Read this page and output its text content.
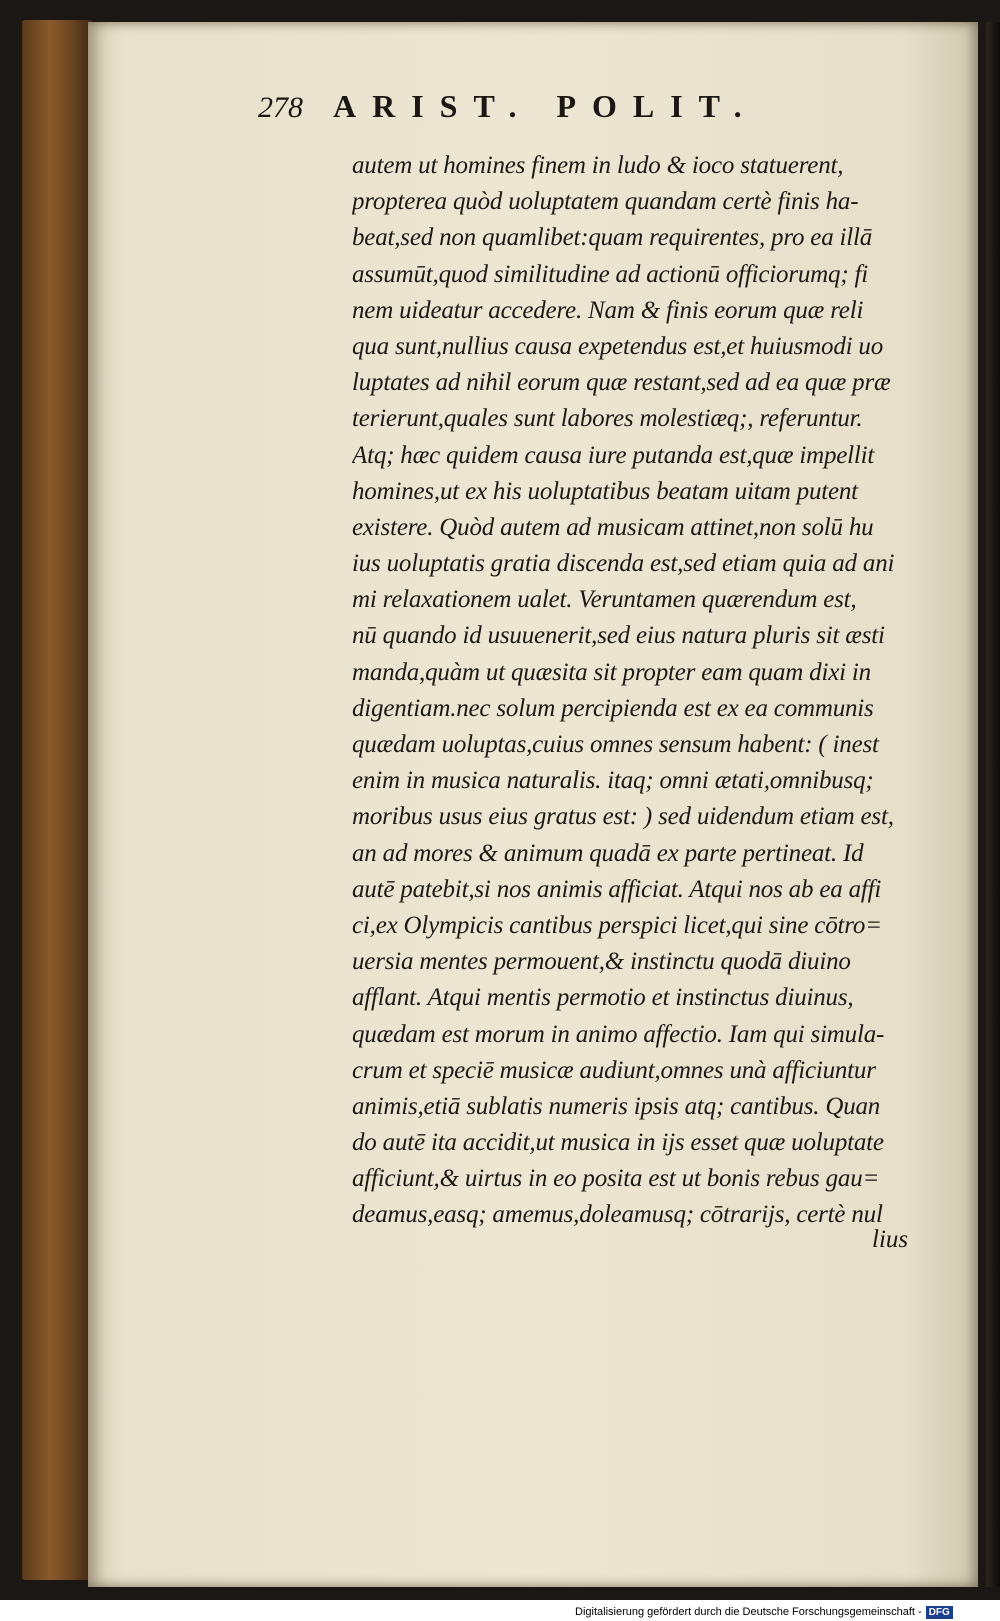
278 ARIST. POLIT.
autem ut homines finem in ludo & ioco statuerent,
propterea quòd uoluptatem quandam certè finis ha-
beat,sed non quamlibet:quam requirentes, pro ea illā
assumūt,quod similitudine ad actionū officiorumq; fi
nem uideatur accedere. Nam & finis eorum quæ reli
qua sunt,nullius causa expetendus est,et huiusmodi uo
luptates ad nihil eorum quæ restant,sed ad ea quæ præ
terierunt,quales sunt labores molestiæq;, referuntur.
Atq; hæc quidem causa iure putanda est,quæ impellit
homines,ut ex his uoluptatibus beatam uitam putent
existere. Quòd autem ad musicam attinet,non solū hu
ius uoluptatis gratia discenda est,sed etiam quia ad ani
mi relaxationem ualet. Veruntamen quærendum est,
nū quando id usuuenerit,sed eius natura pluris sit æsti
manda,quàm ut quæsita sit propter eam quam dixi in
digentiam.nec solum percipienda est ex ea communis
quædam uoluptas,cuius omnes sensum habent: ( inest
enim in musica naturalis. itaq; omni ætati,omnibusq;
moribus usus eius gratus est: ) sed uidendum etiam est,
an ad mores & animum quadā ex parte pertineat. Id
autē patebit,si nos animis afficiat. Atqui nos ab ea affi
ci,ex Olympicis cantibus perspici licet,qui sine cōtro=
uersia mentes permouent,& instinctu quodā diuino
afflant. Atqui mentis permotio et instinctus diuinus,
quædam est morum in animo affectio. Iam qui simula-
crum et speciē musicæ audiunt,omnes unà afficiuntur
animis,etiā sublatis numeris ipsis atq; cantibus. Quan
do autē ita accidit,ut musica in ijs esset quæ uoluptate
afficiunt,& uirtus in eo posita est ut bonis rebus gau=
deamus,easq; amemus,doleamusq; cōtrarijs, certè nul
lius
Digitalisierung gefördert durch die Deutsche Forschungsgemeinschaft - DFG
